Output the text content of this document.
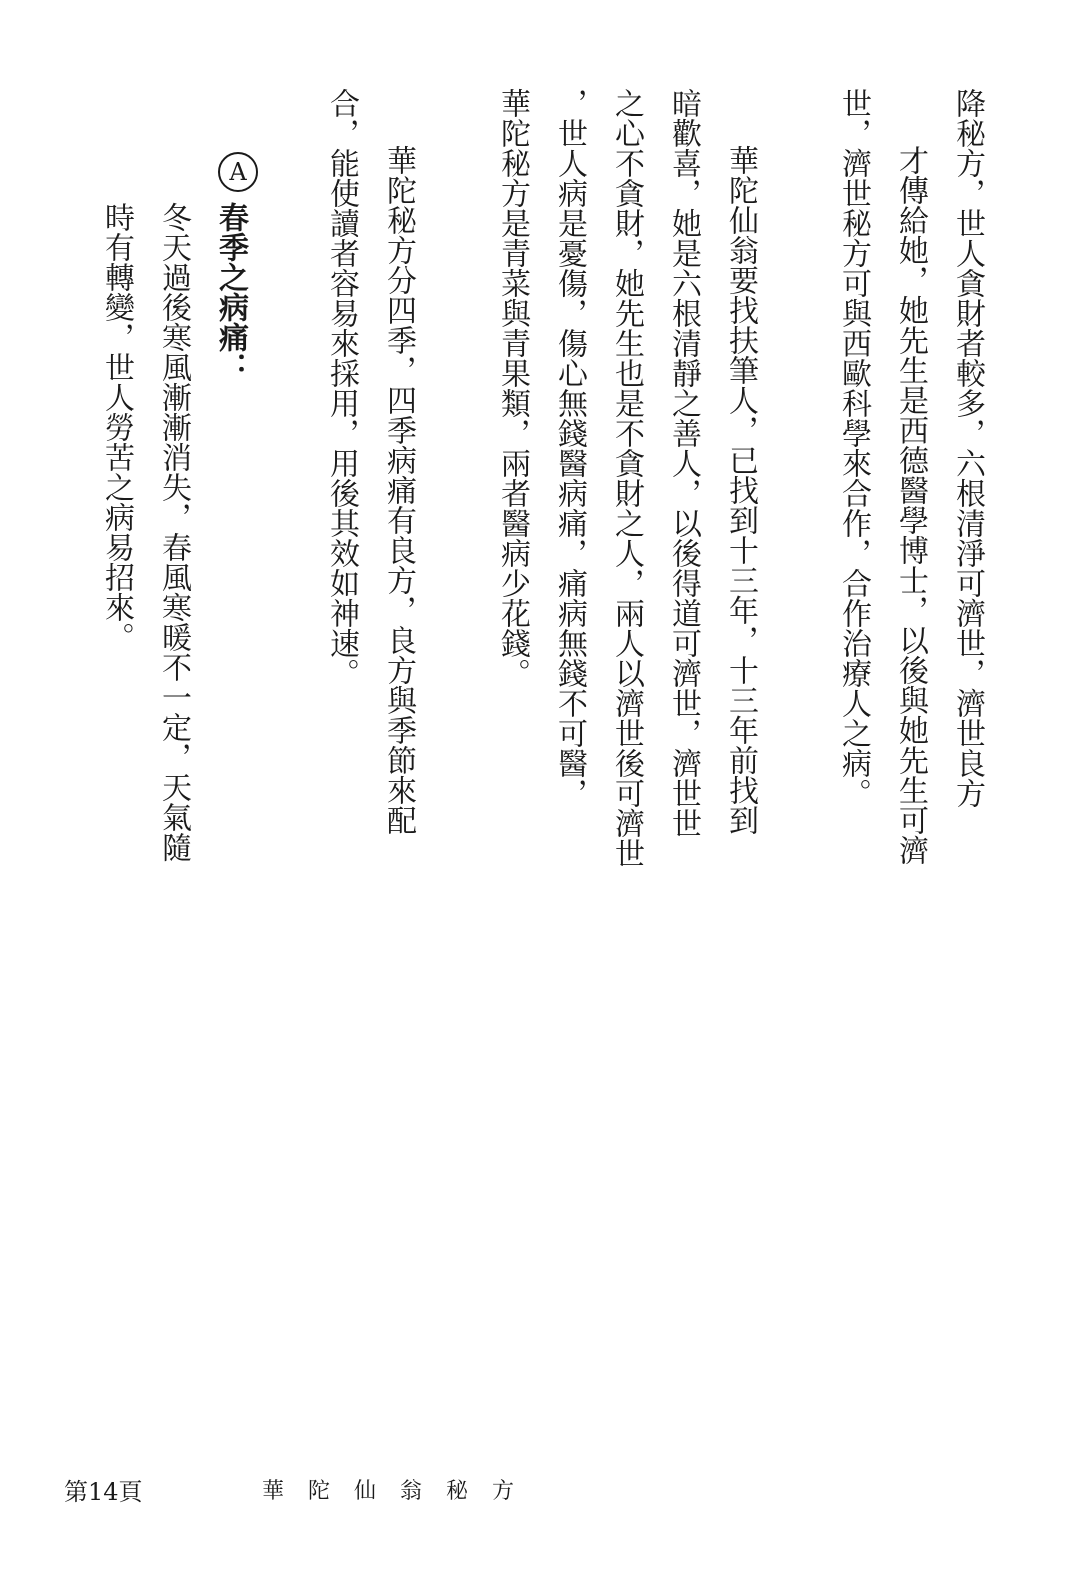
降秘方，世人貪財者較多，六根清淨可濟世，濟世良方
才傳給她，她先生是西德醫學博士，以後與她先生可濟
世，濟世秘方可與西歐科學來合作，合作治療人之病。
華陀仙翁要找扶筆人，已找到十三年，十三年前找到
暗歡喜，她是六根清靜之善人，以後得道可濟世，濟世世
之心不貪財，她先生也是不貪財之人，兩人以濟世後可濟世
，世人病是憂傷，傷心無錢醫病痛，痛病無錢不可醫，
華陀秘方是青菜與青果類，兩者醫病少花錢。
華陀秘方分四季，四季病痛有良方，良方與季節來配
合，能使讀者容易來採用，用後其效如神速。
A
春季之病痛：
冬天過後寒風漸漸消失，春風寒暖不一定，天氣隨
時有轉變，世人勞苦之病易招來。
第14頁	華陀仙翁秘方
